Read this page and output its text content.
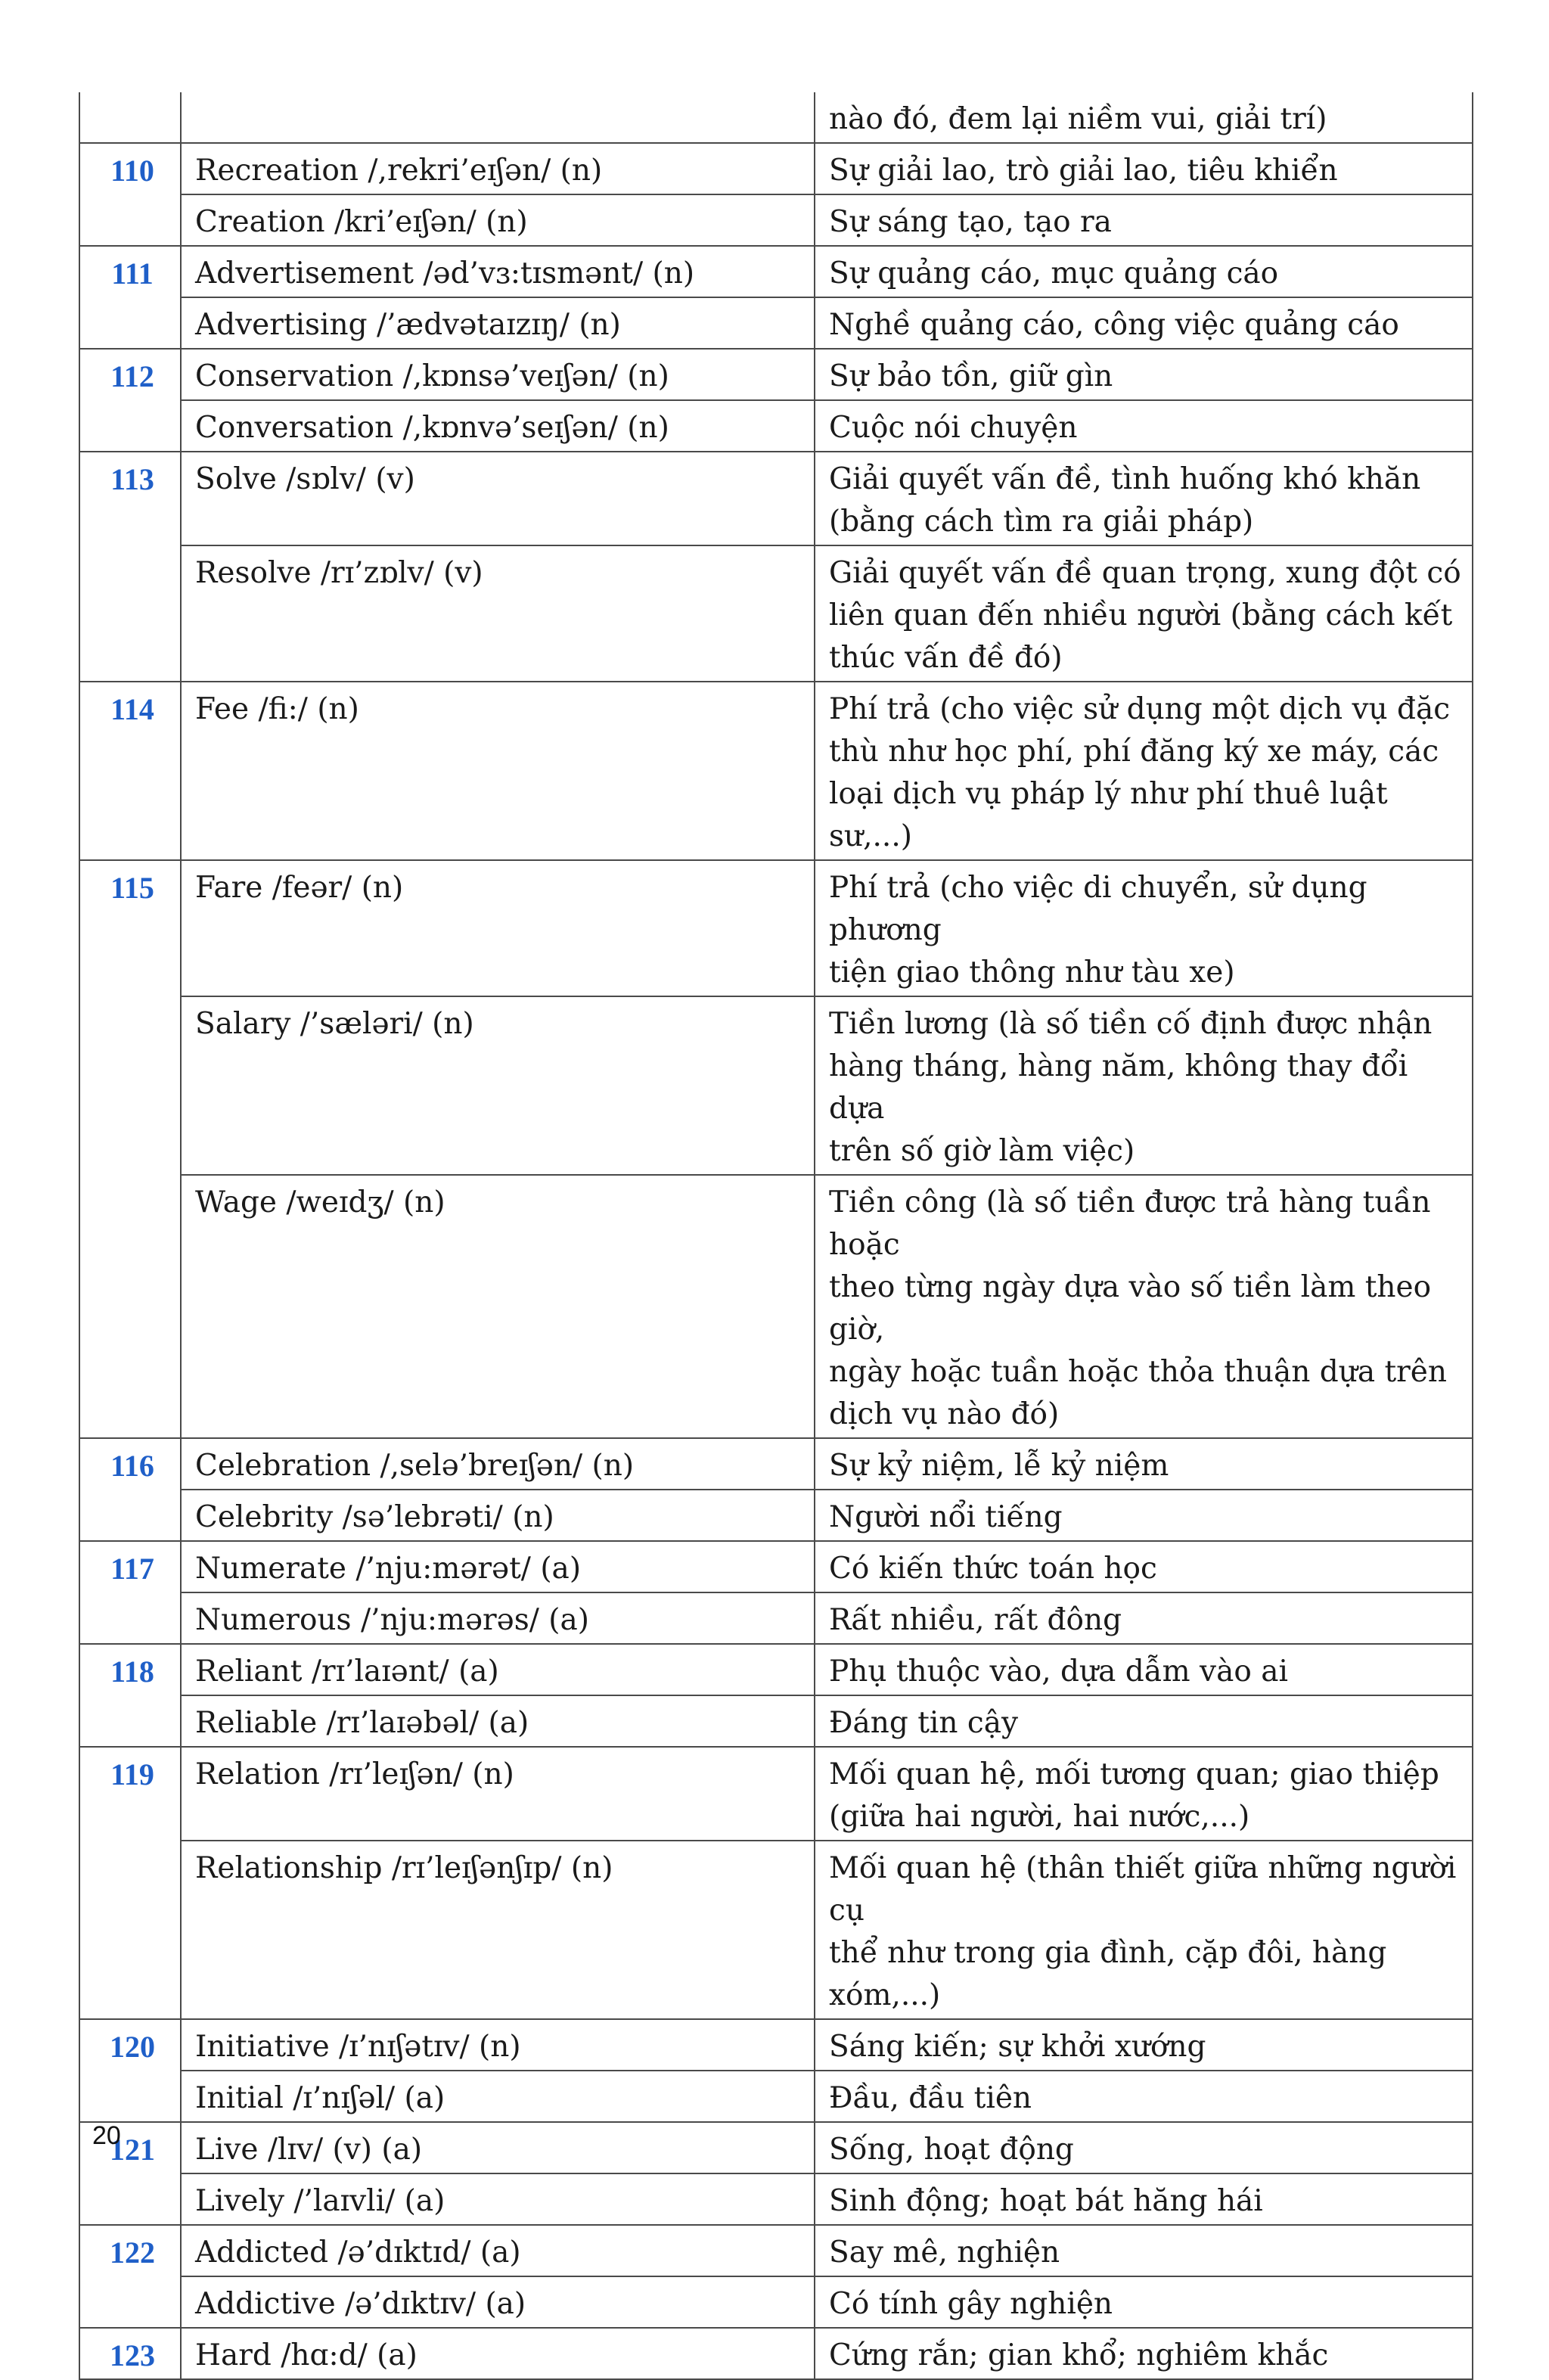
		nào đó, đem lại niềm vui, giải trí)

110	Recreation /,rekri’eɪʃən/ (n)	Sự giải lao, trò giải lao, tiêu khiển

	Creation /kri’eɪʃən/ (n)	Sự sáng tạo, tạo ra

111	Advertisement /əd’vɜ:tɪsmənt/ (n)	Sự quảng cáo, mục quảng cáo

	Advertising /’ædvətaɪzɪŋ/ (n)	Nghề quảng cáo, công việc quảng cáo

112	Conservation /,kɒnsə’veɪʃən/ (n)	Sự bảo tồn, giữ gìn

	Conversation /,kɒnvə’seɪʃən/ (n)	Cuộc nói chuyện

113	Solve /sɒlv/ (v)	Giải quyết vấn đề, tình huống khó khăn
(bằng cách tìm ra giải pháp)

	Resolve /rɪ’zɒlv/ (v)	Giải quyết vấn đề quan trọng, xung đột có
liên quan đến nhiều người (bằng cách kết
thúc vấn đề đó)

114	Fee /fi:/ (n)	Phí trả (cho việc sử dụng một dịch vụ đặc
thù như học phí, phí đăng ký xe máy, các
loại dịch vụ pháp lý như phí thuê luật sư,...)

115	Fare /feər/ (n)	Phí trả (cho việc di chuyển, sử dụng phương
tiện giao thông như tàu xe)

	Salary /’sæləri/ (n)	Tiền lương (là số tiền cố định được nhận
hàng tháng, hàng năm, không thay đổi dựa
trên số giờ làm việc)

	Wage /weɪdʒ/ (n)	Tiền công (là số tiền được trả hàng tuần hoặc
theo từng ngày dựa vào số tiền làm theo giờ,
ngày hoặc tuần hoặc thỏa thuận dựa trên
dịch vụ nào đó)

116	Celebration /,selə’breɪʃən/ (n)	Sự kỷ niệm, lễ kỷ niệm

	Celebrity /sə’lebrəti/ (n)	Người nổi tiếng

117	Numerate /’nju:mərət/ (a)	Có kiến thức toán học

	Numerous /’nju:mərəs/ (a)	Rất nhiều, rất đông

118	Reliant /rɪ’laɪənt/ (a)	Phụ thuộc vào, dựa dẫm vào ai

	Reliable /rɪ’laɪəbəl/ (a)	Đáng tin cậy

119	Relation /rɪ’leɪʃən/ (n)	Mối quan hệ, mối tương quan; giao thiệp
(giữa hai người, hai nước,...)

	Relationship /rɪ’leɪʃənʃɪp/ (n)	Mối quan hệ (thân thiết giữa những người cụ
thể như trong gia đình, cặp đôi, hàng xóm,...)

120	Initiative /ɪ’nɪʃətɪv/ (n)	Sáng kiến; sự khởi xướng

	Initial /ɪ’nɪʃəl/ (a)	Đầu, đầu tiên

121	Live /lɪv/ (v) (a)	Sống, hoạt động

	Lively /’laɪvli/ (a)	Sinh động; hoạt bát hăng hái

122	Addicted /ə’dɪktɪd/ (a)	Say mê, nghiện

	Addictive /ə’dɪktɪv/ (a)	Có tính gây nghiện

123	Hard /hɑ:d/ (a)	Cứng rắn; gian khổ; nghiêm khắc
20
